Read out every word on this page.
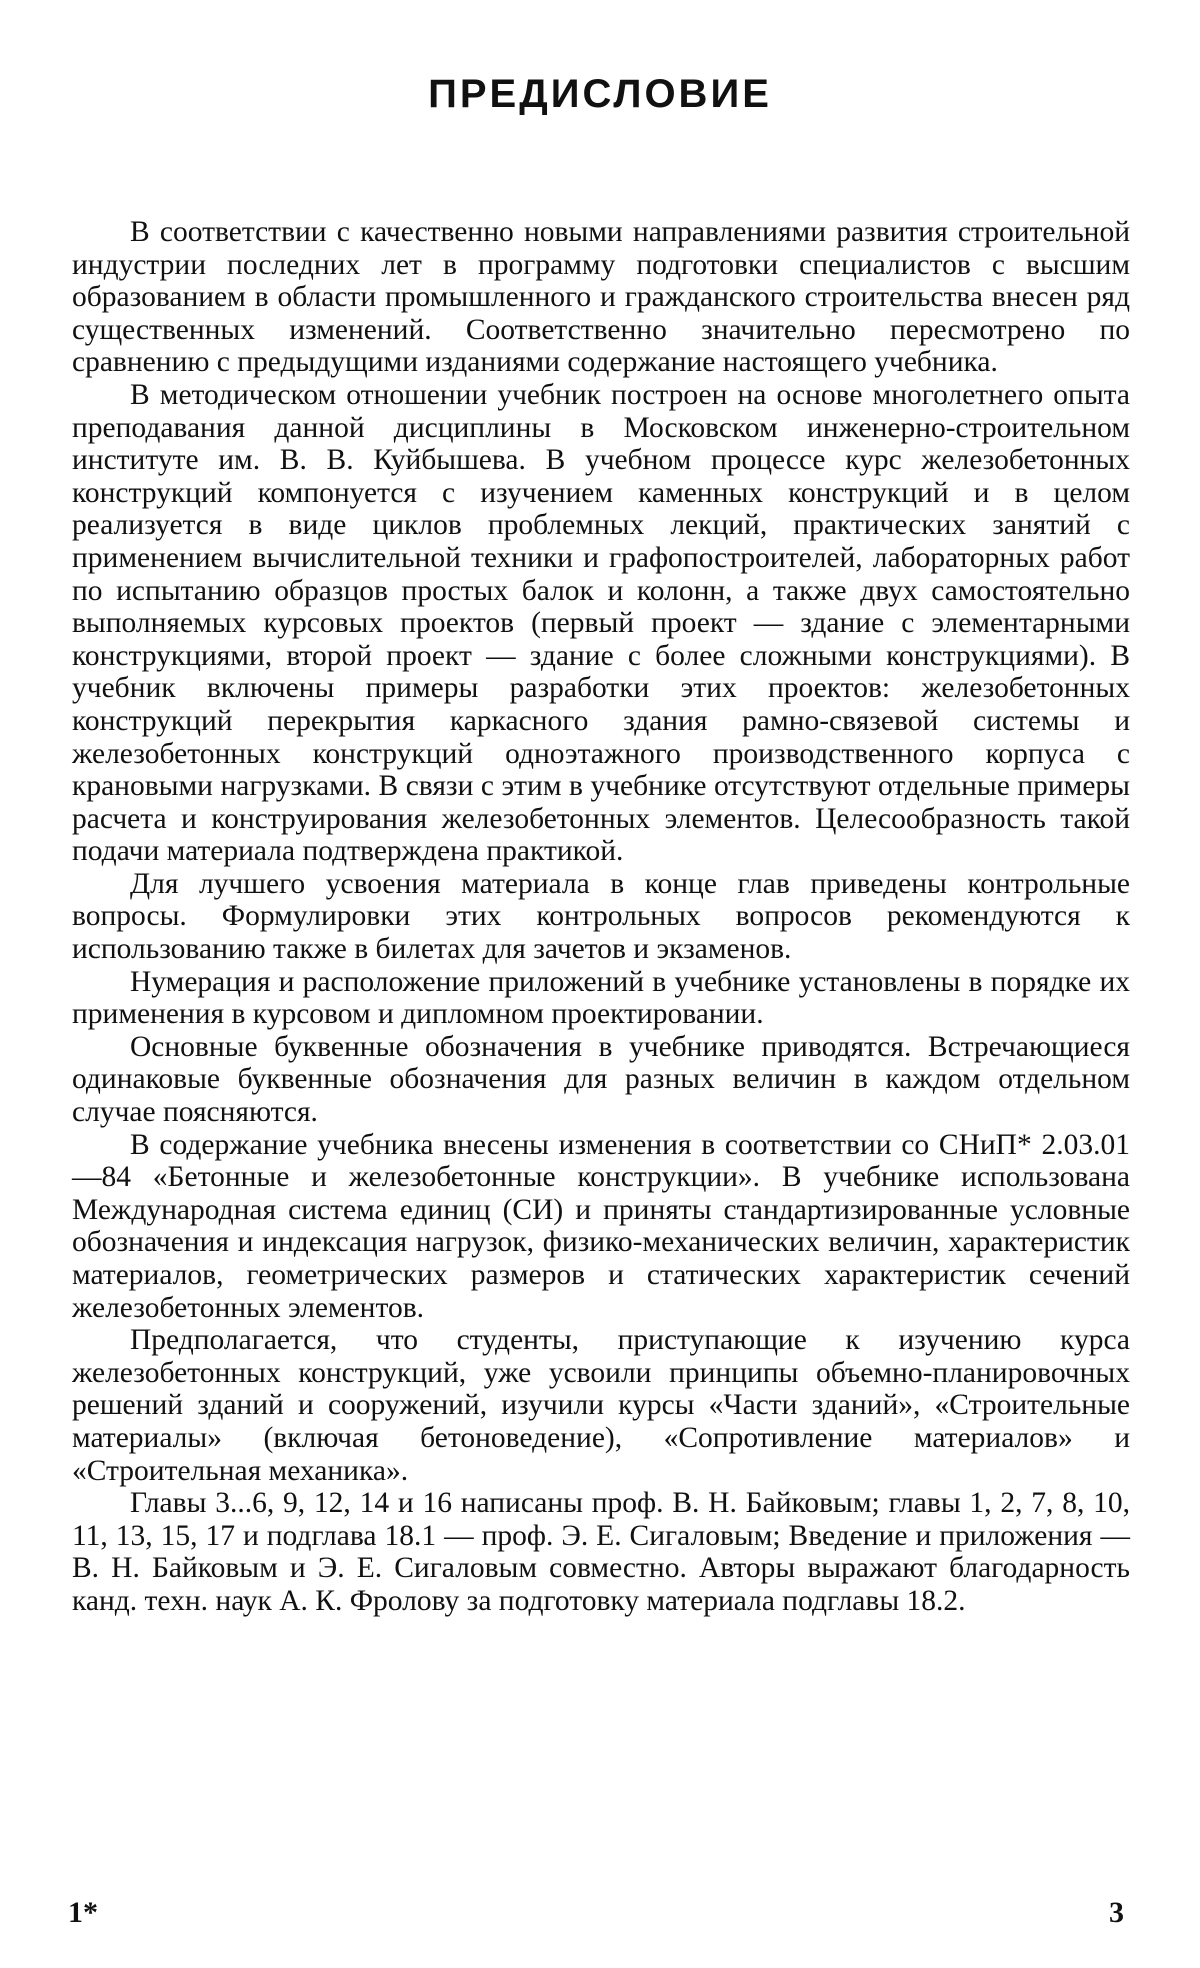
ПРЕДИСЛОВИЕ

В соответствии с качественно новыми направлениями развития строительной индустрии последних лет в программу подготовки специалистов с высшим образованием в области промышленного и гражданского строительства внесен ряд существенных изменений. Соответственно значительно пересмотрено по сравнению с предыдущими изданиями содержание настоящего учебника.

В методическом отношении учебник построен на основе многолетнего опыта преподавания данной дисциплины в Московском инженерно-строительном институте им. В. В. Куйбышева. В учебном процессе курс железобетонных конструкций компонуется с изучением каменных конструкций и в целом реализуется в виде циклов проблемных лекций, практических занятий с применением вычислительной техники и графопостроителей, лабораторных работ по испытанию образцов простых балок и колонн, а также двух самостоятельно выполняемых курсовых проектов (первый проект — здание с элементарными конструкциями, второй проект — здание с более сложными конструкциями). В учебник включены примеры разработки этих проектов: железобетонных конструкций перекрытия каркасного здания рамно-связевой системы и железобетонных конструкций одноэтажного производственного корпуса с крановыми нагрузками. В связи с этим в учебнике отсутствуют отдельные примеры расчета и конструирования железобетонных элементов. Целесообразность такой подачи материала подтверждена практикой.

Для лучшего усвоения материала в конце глав приведены контрольные вопросы. Формулировки этих контрольных вопросов рекомендуются к использованию также в билетах для зачетов и экзаменов.

Нумерация и расположение приложений в учебнике установлены в порядке их применения в курсовом и дипломном проектировании.

Основные буквенные обозначения в учебнике приводятся. Встречающиеся одинаковые буквенные обозначения для разных величин в каждом отдельном случае поясняются.

В содержание учебника внесены изменения в соответствии со СНиП* 2.03.01—84 «Бетонные и железобетонные конструкции». В учебнике использована Международная система единиц (СИ) и приняты стандартизированные условные обозначения и индексация нагрузок, физико-механических величин, характеристик материалов, геометрических размеров и статических характеристик сечений железобетонных элементов.

Предполагается, что студенты, приступающие к изучению курса железобетонных конструкций, уже усвоили принципы объемно-планировочных решений зданий и сооружений, изучили курсы «Части зданий», «Строительные материалы» (включая бетоноведение), «Сопротивление материалов» и «Строительная механика».

Главы 3...6, 9, 12, 14 и 16 написаны проф. В. Н. Байковым; главы 1, 2, 7, 8, 10, 11, 13, 15, 17 и подглава 18.1 — проф. Э. Е. Сигаловым; Введение и приложения — В. Н. Байковым и Э. Е. Сигаловым совместно. Авторы выражают благодарность канд. техн. наук А. К. Фролову за подготовку материала подглавы 18.2.

1*	3
